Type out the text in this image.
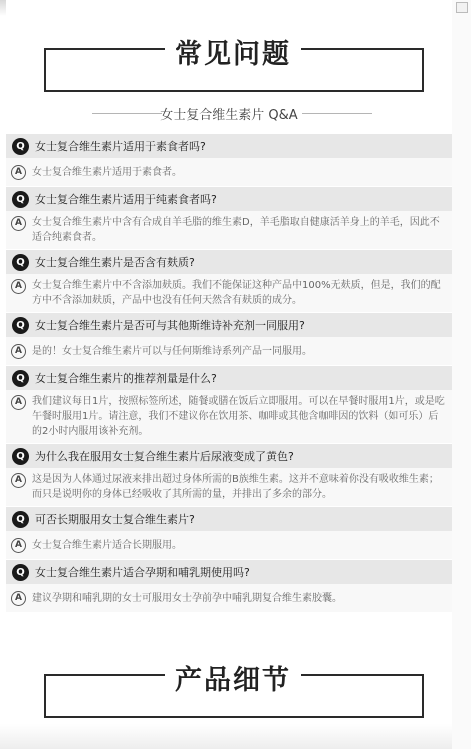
常见问题
女士复合维生素片 Q&A
Q 女士复合维生素片适用于素食者吗?
A	女士复合维生素片适用于素食者。
Q 女士复合维生素片适用于纯素食者吗?
A	女士复合维生素片中含有合成自羊毛脂的维生素D，羊毛脂取自健康活羊身上的羊毛，因此不适合纯素食者。
Q 女士复合维生素片是否含有麸质?
A	女士复合维生素片中不含添加麸质。我们不能保证这种产品中100%无麸质，但是，我们的配方中不含添加麸质，产品中也没有任何天然含有麸质的成分。
Q 女士复合维生素片是否可与其他斯维诗补充剂一同服用?
A	是的！女士复合维生素片可以与任何斯维诗系列产品一同服用。
Q 女士复合维生素片的推荐剂量是什么?
A	我们建议每日1片，按照标签所述，随餐或膳在饭后立即服用。可以在早餐时服用1片，或是吃午餐时服用1片。请注意，我们不建议你在饮用茶、咖啡或其他含咖啡因的饮料（如可乐）后的2小时内服用该补充剂。
Q 为什么我在服用女士复合维生素片后尿液变成了黄色?
A	这是因为人体通过尿液来排出超过身体所需的B族维生素。这并不意味着你没有吸收维生素；而只是说明你的身体已经吸收了其所需的量，并排出了多余的部分。
Q 可否长期服用女士复合维生素片?
A	女士复合维生素片适合长期服用。
Q 女士复合维生素片适合孕期和哺乳期使用吗?
A	建议孕期和哺乳期的女士可服用女士孕前孕中哺乳期复合维生素胶囊。
产品细节
